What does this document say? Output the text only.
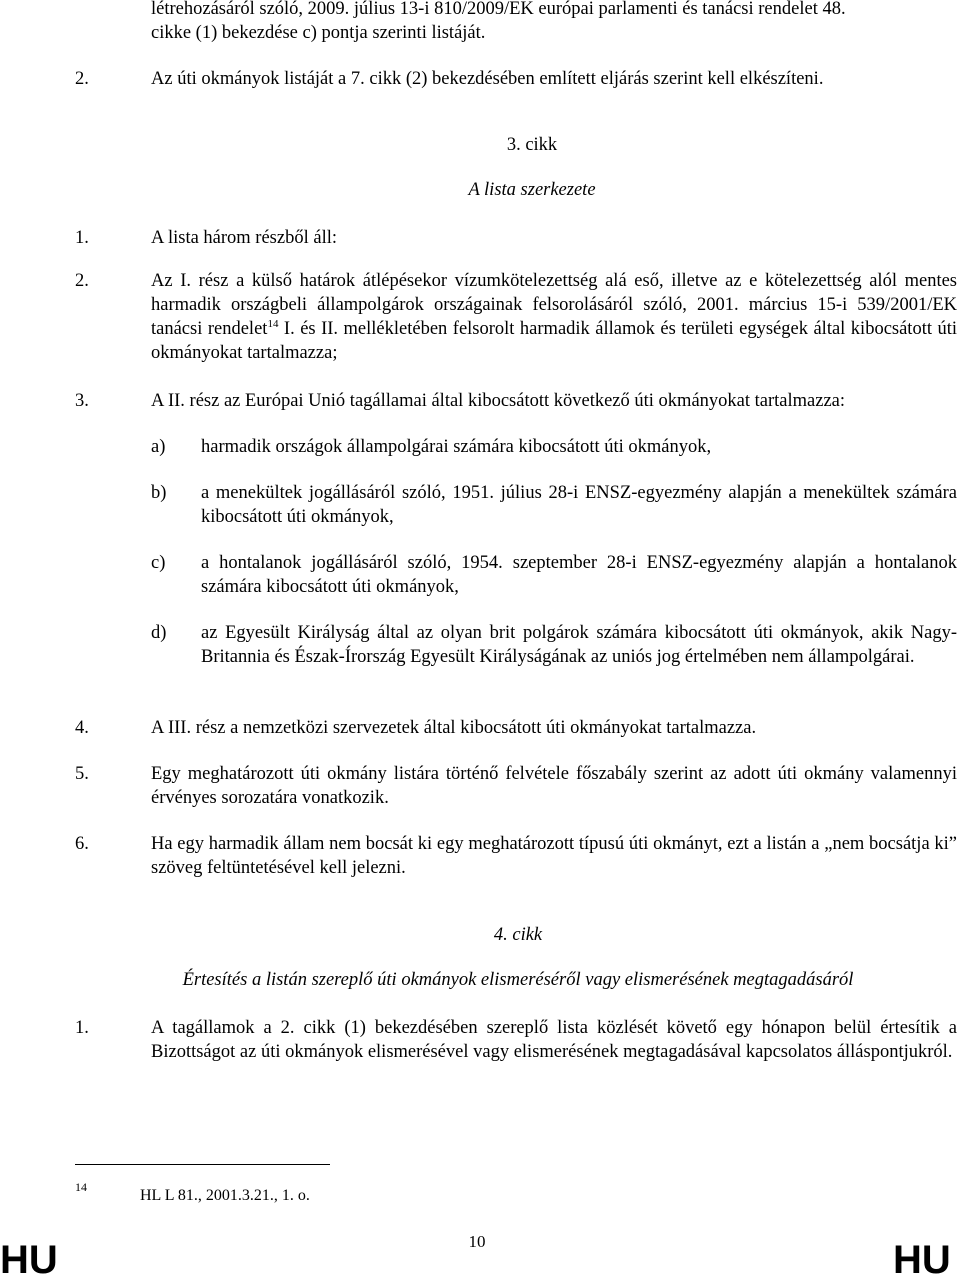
létrehozásáról szóló, 2009. július 13-i 810/2009/EK európai parlamenti és tanácsi rendelet 48.
cikke (1) bekezdése c) pontja szerinti listáját.
2.	Az úti okmányok listáját a 7. cikk (2) bekezdésében említett eljárás szerint kell elkészíteni.
3. cikk
A lista szerkezete
1.	A lista három részből áll:
2.	Az I. rész a külső határok átlépésekor vízumkötelezettség alá eső, illetve az e kötelezettség alól mentes harmadik országbeli állampolgárok országainak felsorolásáról szóló, 2001. március 15-i 539/2001/EK tanácsi rendelet$^{14}$ I. és II. mellékletében felsorolt harmadik államok és területi egységek által kibocsátott úti okmányokat tartalmazza;
3.	A II. rész az Európai Unió tagállamai által kibocsátott következő úti okmányokat tartalmazza:
a) harmadik országok állampolgárai számára kibocsátott úti okmányok,
b) a menekültek jogállásáról szóló, 1951. július 28-i ENSZ-egyezmény alapján a menekültek számára kibocsátott úti okmányok,
c) a hontalanok jogállásáról szóló, 1954. szeptember 28-i ENSZ-egyezmény alapján a hontalanok számára kibocsátott úti okmányok,
d) az Egyesült Királyság által az olyan brit polgárok számára kibocsátott úti okmányok, akik Nagy-Britannia és Észak-Írország Egyesült Királyságának az uniós jog értelmében nem állampolgárai.
4.	A III. rész a nemzetközi szervezetek által kibocsátott úti okmányokat tartalmazza.
5.	Egy meghatározott úti okmány listára történő felvétele főszabály szerint az adott úti okmány valamennyi érvényes sorozatára vonatkozik.
6.	Ha egy harmadik állam nem bocsát ki egy meghatározott típusú úti okmányt, ezt a listán a „nem bocsátja ki” szöveg feltüntetésével kell jelezni.
4. cikk
Értesítés a listán szereplő úti okmányok elismeréséről vagy elismerésének megtagadásáról
1.	A tagállamok a 2. cikk (1) bekezdésében szereplő lista közlését követő egy hónapon belül értesítik a Bizottságot az úti okmányok elismerésével vagy elismerésének megtagadásával kapcsolatos álláspontjukról.
14	HL L 81., 2001.3.21., 1. o.
HU	10	HU
